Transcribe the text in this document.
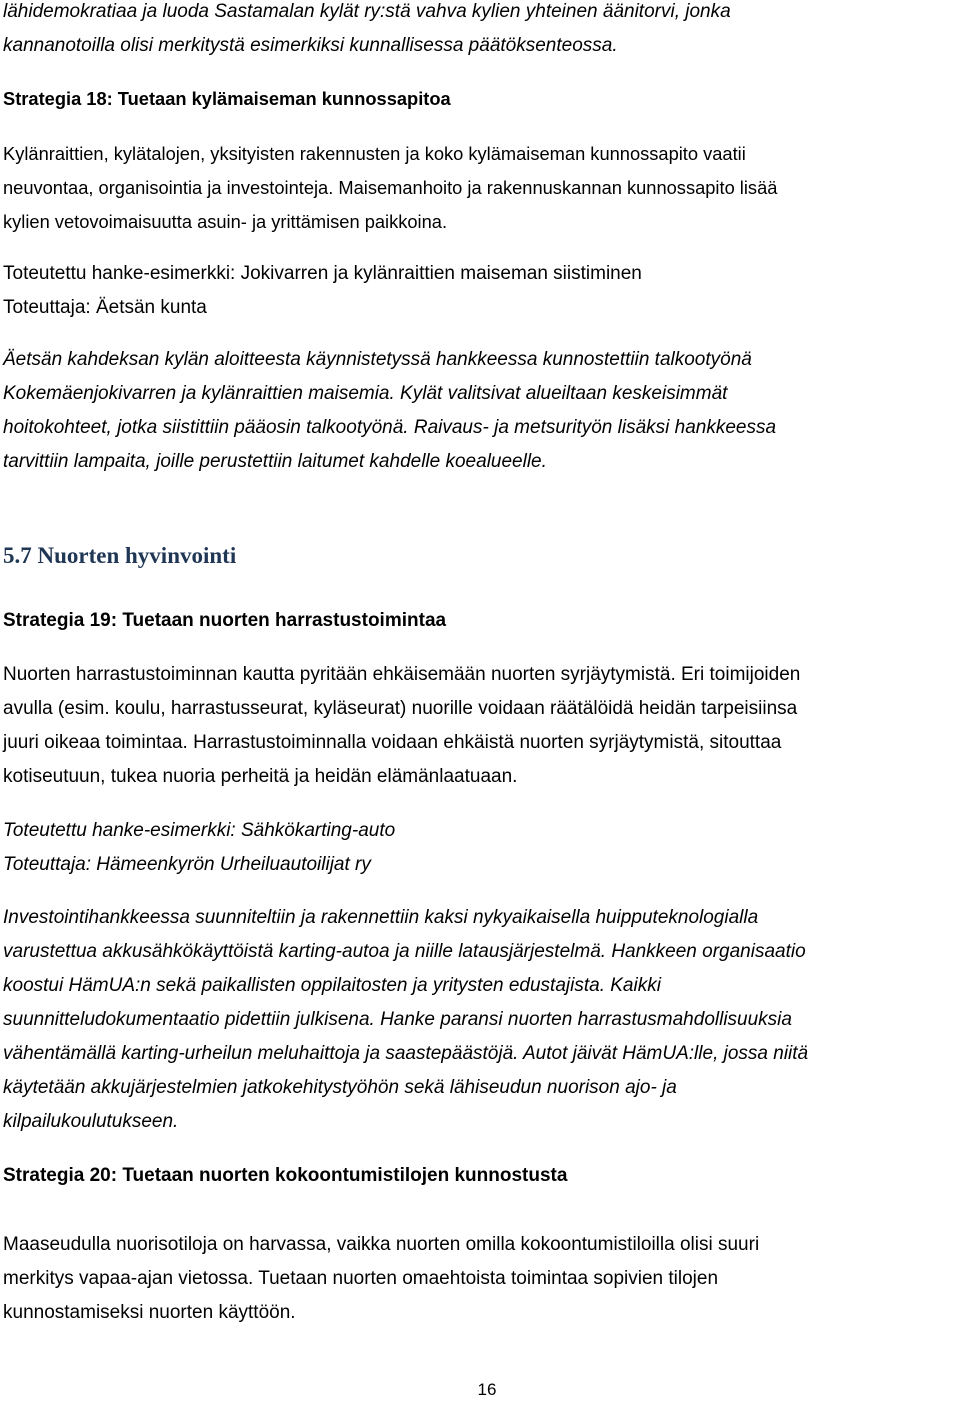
lähidemokratiaa ja luoda Sastamalan kylät ry:stä vahva kylien yhteinen äänitorvi, jonka
kannanotoilla olisi merkitystä esimerkiksi kunnallisessa päätöksenteossa.
Strategia 18: Tuetaan kylämaiseman kunnossapitoa
Kylänraittien, kylätalojen, yksityisten rakennusten ja koko kylämaiseman kunnossapito vaatii
neuvontaa, organisointia ja investointeja. Maisemanhoito ja rakennuskannan kunnossapito lisää
kylien vetovoimaisuutta asuin- ja yrittämisen paikkoina.
Toteutettu hanke-esimerkki: Jokivarren ja kylänraittien maiseman siistiminen
Toteuttaja: Äetsän kunta
Äetsän kahdeksan kylän aloitteesta käynnistetyssä hankkeessa kunnostettiin talkootyönä
Kokemäenjokivarren ja kylänraittien maisemia. Kylät valitsivat alueiltaan keskeisimmät
hoitokohteet, jotka siistittiin pääosin talkootyönä. Raivaus- ja metsurityön lisäksi hankkeessa
tarvittiin lampaita, joille perustettiin laitumet kahdelle koealueelle.
5.7 Nuorten hyvinvointi
Strategia 19: Tuetaan nuorten harrastustoimintaa
Nuorten harrastustoiminnan kautta pyritään ehkäisemään nuorten syrjäytymistä. Eri toimijoiden
avulla (esim. koulu, harrastusseurat, kyläseurat) nuorille voidaan räätälöidä heidän tarpeisiinsa
juuri oikeaa toimintaa. Harrastustoiminnalla voidaan ehkäistä nuorten syrjäytymistä, sitouttaa
kotiseutuun, tukea nuoria perheitä ja heidän elämänlaatuaan.
Toteutettu hanke-esimerkki: Sähkökarting-auto
Toteuttaja: Hämeenkyrön Urheiluautoilijat ry
Investointihankkeessa suunniteltiin ja rakennettiin kaksi nykyaikaisella huipputeknologialla
varustettua akkusähkökäyttöistä karting-autoa ja niille latausjärjestelmä. Hankkeen organisaatio
koostui HämUA:n sekä paikallisten oppilaitosten ja yritysten edustajista. Kaikki
suunnitteludokumentaatio pidettiin julkisena. Hanke paransi nuorten harrastusmahdollisuuksia
vähentämällä karting-urheilun meluhaittoja ja saastepäästöjä. Autot jäivät HämUA:lle, jossa niitä
käytetään akkujärjestelmien jatkokehitystyöhön sekä lähiseudun nuorison ajo- ja
kilpailukoulutukseen.
Strategia 20: Tuetaan nuorten kokoontumistilojen kunnostusta
Maaseudulla nuorisotiloja on harvassa, vaikka nuorten omilla kokoontumistiloilla olisi suuri
merkitys vapaa-ajan vietossa. Tuetaan nuorten omaehtoista toimintaa sopivien tilojen
kunnostamiseksi nuorten käyttöön.
16
